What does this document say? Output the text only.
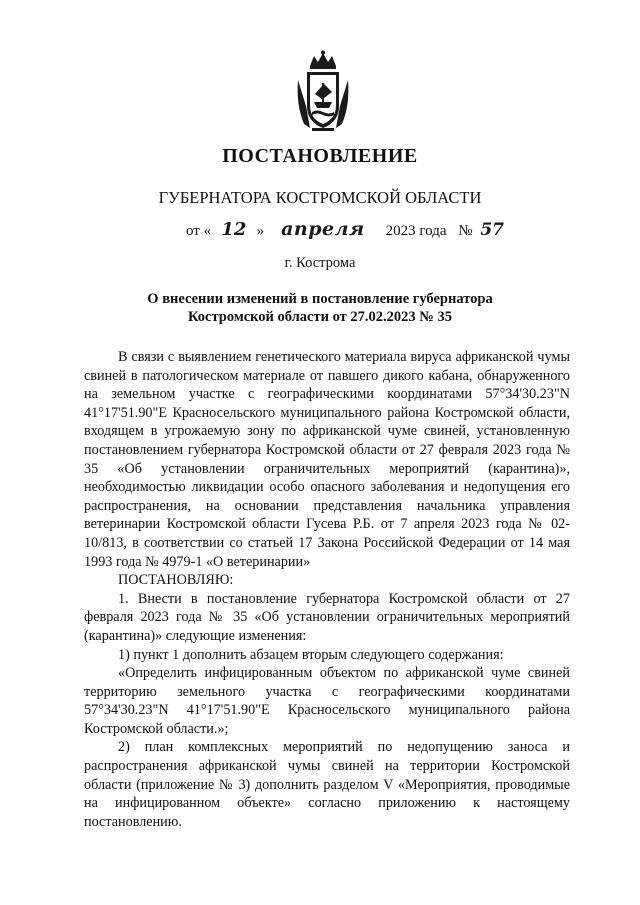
ПОСТАНОВЛЕНИЕ
ГУБЕРНАТОРА КОСТРОМСКОЙ ОБЛАСТИ
от « 12 » апреля 2023 года № 57
г. Кострома
О внесении изменений в постановление губернатора
Костромской области от 27.02.2023 № 35

В связи с выявлением генетического материала вируса африканской чумы свиней в патологическом материале от павшего дикого кабана, обнаруженного на земельном участке с географическими координатами 57°34'30.23"N 41°17'51.90"E Красносельского муниципального района Костромской области, входящем в угрожаемую зону по африканской чуме свиней, установленную постановлением губернатора Костромской области от 27 февраля 2023 года № 35 «Об установлении ограничительных мероприятий (карантина)», необходимостью ликвидации особо опасного заболевания и недопущения его распространения, на основании представления начальника управления ветеринарии Костромской области Гусева Р.Б. от 7 апреля 2023 года № 02-10/813, в соответствии со статьей 17 Закона Российской Федерации от 14 мая 1993 года № 4979-1 «О ветеринарии»

ПОСТАНОВЛЯЮ:

1. Внести в постановление губернатора Костромской области от 27 февраля 2023 года № 35 «Об установлении ограничительных мероприятий (карантина)» следующие изменения:

1) пункт 1 дополнить абзацем вторым следующего содержания:

«Определить инфицированным объектом по африканской чуме свиней территорию земельного участка с географическими координатами 57°34'30.23"N 41°17'51.90"E Красносельского муниципального района Костромской области.»;

2) план комплексных мероприятий по недопущению заноса и распространения африканской чумы свиней на территории Костромской области (приложение № 3) дополнить разделом V «Мероприятия, проводимые на инфицированном объекте» согласно приложению к настоящему постановлению.
